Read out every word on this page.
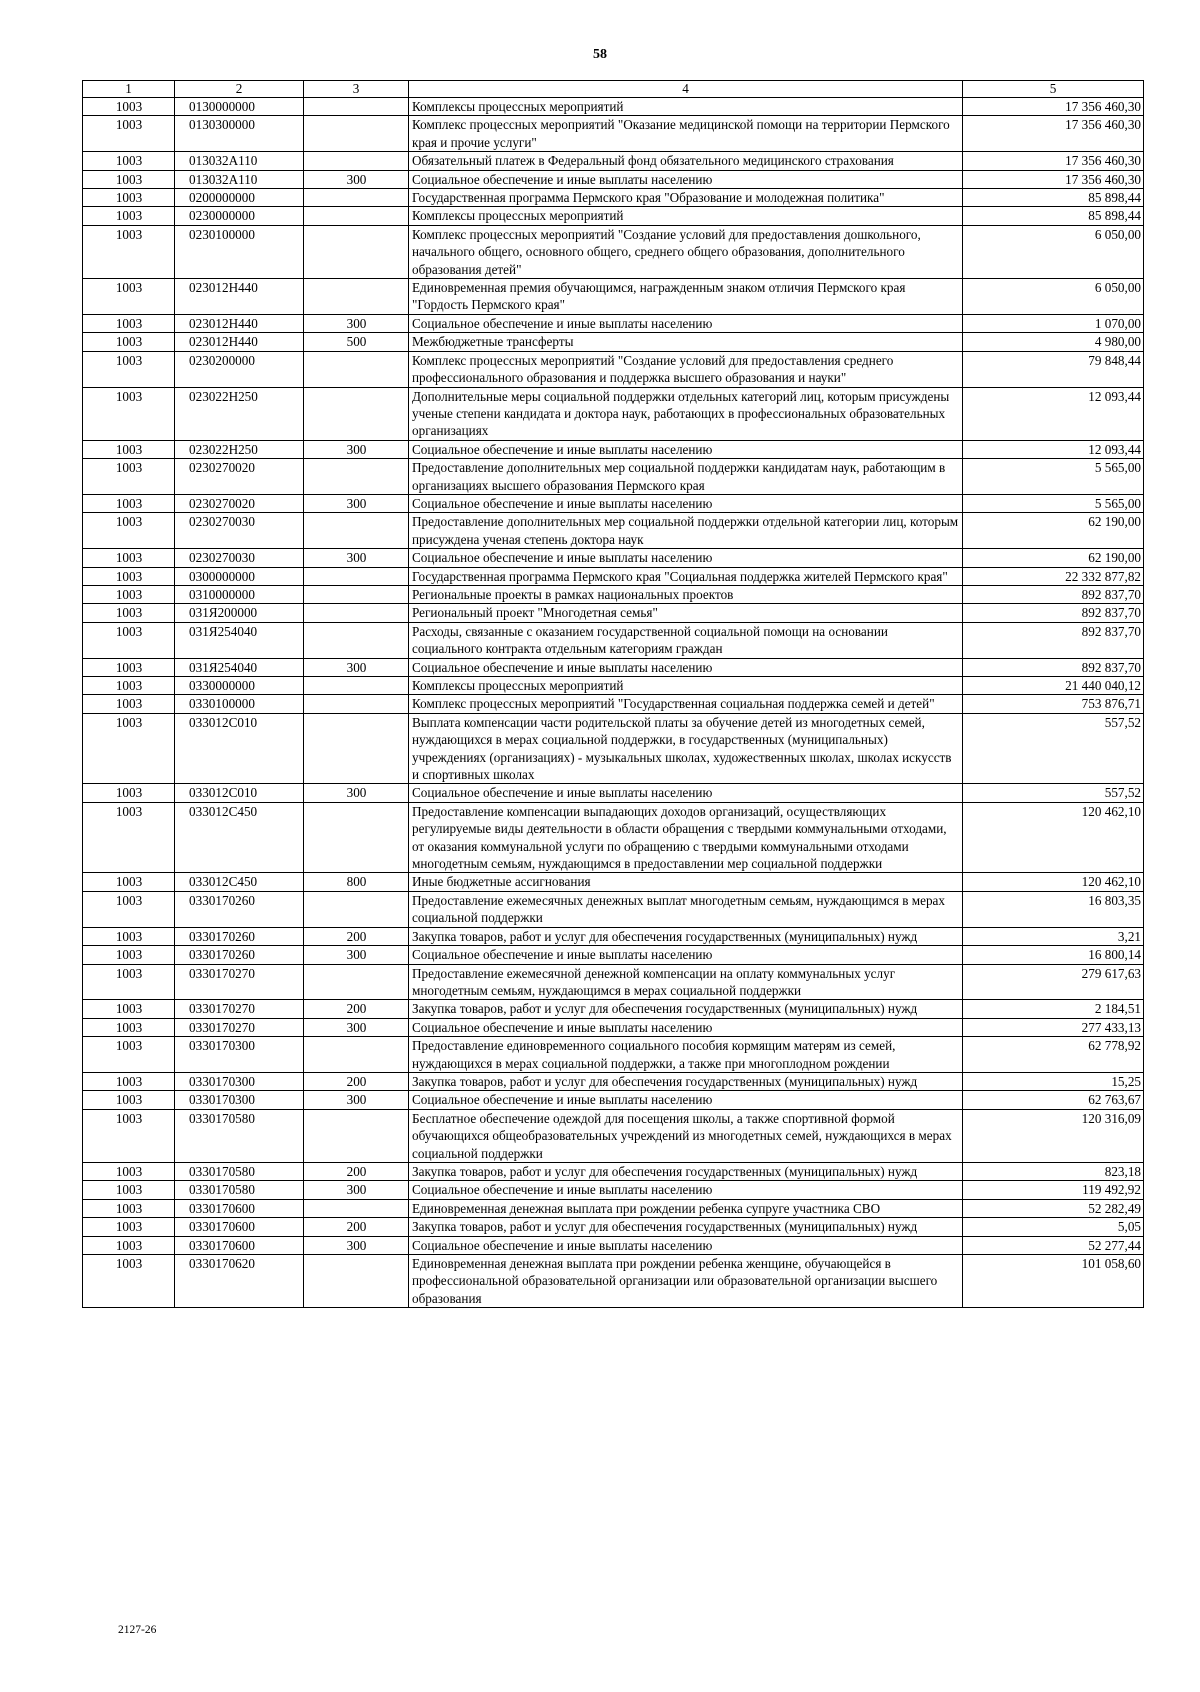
58
1	2	3	4	5
1003	0130000000		Комплексы процессных мероприятий	17 356 460,30
1003	0130300000		Комплекс процессных мероприятий "Оказание медицинской помощи на территории Пермского края и прочие услуги"	17 356 460,30
1003	013032А110		Обязательный платеж в Федеральный фонд обязательного медицинского страхования	17 356 460,30
1003	013032А110	300	Социальное обеспечение и иные выплаты населению	17 356 460,30
1003	0200000000		Государственная программа Пермского края "Образование и молодежная политика"	85 898,44
1003	0230000000		Комплексы процессных мероприятий	85 898,44
1003	0230100000		Комплекс процессных мероприятий "Создание условий для предоставления дошкольного, начального общего, основного общего, среднего общего образования, дополнительного образования детей"	6 050,00
1003	023012Н440		Единовременная премия обучающимся, награжденным знаком отличия Пермского края "Гордость Пермского края"	6 050,00
1003	023012Н440	300	Социальное обеспечение и иные выплаты населению	1 070,00
1003	023012Н440	500	Межбюджетные трансферты	4 980,00
1003	0230200000		Комплекс процессных мероприятий "Создание условий для предоставления среднего профессионального образования и поддержка высшего образования и науки"	79 848,44
1003	023022Н250		Дополнительные меры социальной поддержки отдельных категорий лиц, которым присуждены ученые степени кандидата и доктора наук, работающих в профессиональных образовательных организациях	12 093,44
1003	023022Н250	300	Социальное обеспечение и иные выплаты населению	12 093,44
1003	0230270020		Предоставление дополнительных мер социальной поддержки кандидатам наук, работающим в организациях высшего образования Пермского края	5 565,00
1003	0230270020	300	Социальное обеспечение и иные выплаты населению	5 565,00
1003	0230270030		Предоставление дополнительных мер социальной поддержки отдельной категории лиц, которым присуждена ученая степень доктора наук	62 190,00
1003	0230270030	300	Социальное обеспечение и иные выплаты населению	62 190,00
1003	0300000000		Государственная программа Пермского края "Социальная поддержка жителей Пермского края"	22 332 877,82
1003	0310000000		Региональные проекты в рамках национальных проектов	892 837,70
1003	031Я200000		Региональный проект "Многодетная семья"	892 837,70
1003	031Я254040		Расходы, связанные с оказанием государственной социальной помощи на основании социального контракта отдельным категориям граждан	892 837,70
1003	031Я254040	300	Социальное обеспечение и иные выплаты населению	892 837,70
1003	0330000000		Комплексы процессных мероприятий	21 440 040,12
1003	0330100000		Комплекс процессных мероприятий "Государственная социальная поддержка семей и детей"	753 876,71
1003	033012С010		Выплата компенсации части родительской платы за обучение детей из многодетных семей, нуждающихся в мерах социальной поддержки, в государственных (муниципальных) учреждениях (организациях) - музыкальных школах, художественных школах, школах искусств и спортивных школах	557,52
1003	033012С010	300	Социальное обеспечение и иные выплаты населению	557,52
1003	033012С450		Предоставление компенсации выпадающих доходов организаций, осуществляющих регулируемые виды деятельности в области обращения с твердыми коммунальными отходами, от оказания коммунальной услуги по обращению с твердыми коммунальными отходами многодетным семьям, нуждающимся в предоставлении мер социальной поддержки	120 462,10
1003	033012С450	800	Иные бюджетные ассигнования	120 462,10
1003	0330170260		Предоставление ежемесячных денежных выплат многодетным семьям, нуждающимся в мерах социальной поддержки	16 803,35
1003	0330170260	200	Закупка товаров, работ и услуг для обеспечения государственных (муниципальных) нужд	3,21
1003	0330170260	300	Социальное обеспечение и иные выплаты населению	16 800,14
1003	0330170270		Предоставление ежемесячной денежной компенсации на оплату коммунальных услуг многодетным семьям, нуждающимся в мерах социальной поддержки	279 617,63
1003	0330170270	200	Закупка товаров, работ и услуг для обеспечения государственных (муниципальных) нужд	2 184,51
1003	0330170270	300	Социальное обеспечение и иные выплаты населению	277 433,13
1003	0330170300		Предоставление единовременного социального пособия кормящим матерям из семей, нуждающихся в мерах социальной поддержки, а также при многоплодном рождении	62 778,92
1003	0330170300	200	Закупка товаров, работ и услуг для обеспечения государственных (муниципальных) нужд	15,25
1003	0330170300	300	Социальное обеспечение и иные выплаты населению	62 763,67
1003	0330170580		Бесплатное обеспечение одеждой для посещения школы, а также спортивной формой обучающихся общеобразовательных учреждений из многодетных семей, нуждающихся в мерах социальной поддержки	120 316,09
1003	0330170580	200	Закупка товаров, работ и услуг для обеспечения государственных (муниципальных) нужд	823,18
1003	0330170580	300	Социальное обеспечение и иные выплаты населению	119 492,92
1003	0330170600		Единовременная денежная выплата при рождении ребенка супруге участника СВО	52 282,49
1003	0330170600	200	Закупка товаров, работ и услуг для обеспечения государственных (муниципальных) нужд	5,05
1003	0330170600	300	Социальное обеспечение и иные выплаты населению	52 277,44
1003	0330170620		Единовременная денежная выплата при рождении ребенка женщине, обучающейся в профессиональной образовательной организации или образовательной организации высшего образования	101 058,60
2127-26
